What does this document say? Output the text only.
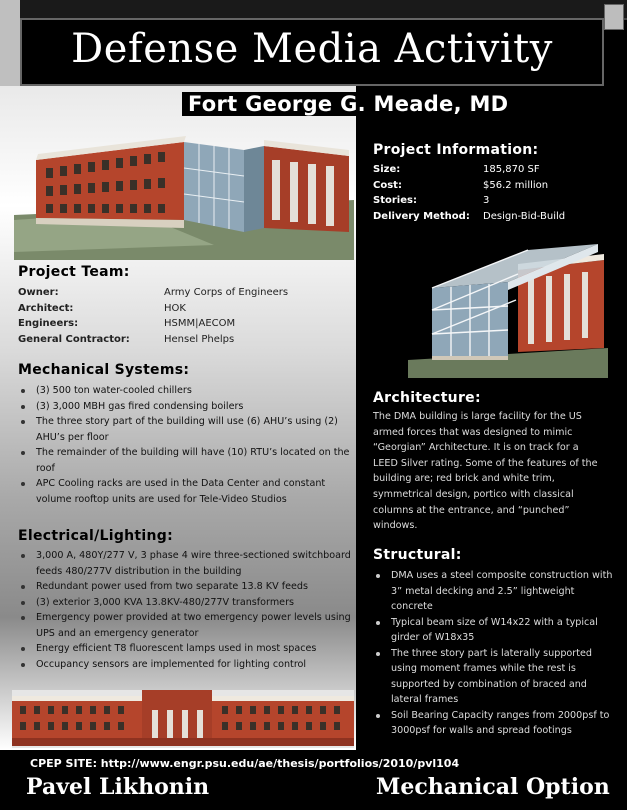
Defense Media Activity
Fort George G. Meade, MD
Project Team:
Owner:	Army Corps of Engineers
Architect:	HOK
Engineers:	HSMM|AECOM
General Contractor:	Hensel Phelps
Mechanical Systems:
(3) 500 ton water-cooled chillers
(3) 3,000 MBH gas fired condensing boilers
The three story part of the building will use (6) AHU’s using (2) AHU’s per floor
The remainder of the building will have (10) RTU’s located on the roof
APC Cooling racks are used in the Data Center and constant volume rooftop units are used for Tele-Video Studios
Electrical/Lighting:
3,000 A, 480Y/277 V, 3 phase 4 wire three-sectioned switchboard feeds 480/277V distribution in the building
Redundant power used from two separate 13.8 KV feeds
(3) exterior 3,000 KVA 13.8KV-480/277V transformers
Emergency power provided at two emergency power levels using UPS and an emergency generator
Energy efficient T8 fluorescent lamps used in most spaces
Occupancy sensors are implemented for lighting control
Project Information:
Size:	185,870 SF
Cost:	$56.2 million
Stories:	3
Delivery Method: Design-Bid-Build
Architecture:
The DMA building is large facility for the US armed forces that was designed to mimic “Georgian” Architecture. It is on track for a LEED Silver rating. Some of the features of the building are; red brick and white trim, symmetrical design, portico with classical columns at the entrance, and “punched” windows.
Structural:
DMA uses a steel composite construction with 3” metal decking and 2.5” lightweight concrete
Typical beam size of W14x22 with a typical girder of W18x35
The three story part is laterally supported using moment frames while the rest is supported by combination of braced and lateral frames
Soil Bearing Capacity ranges from 2000psf to 3000psf for walls and spread footings
CPEP SITE: http://www.engr.psu.edu/ae/thesis/portfolios/2010/pvl104
Pavel Likhonin	Mechanical Option
